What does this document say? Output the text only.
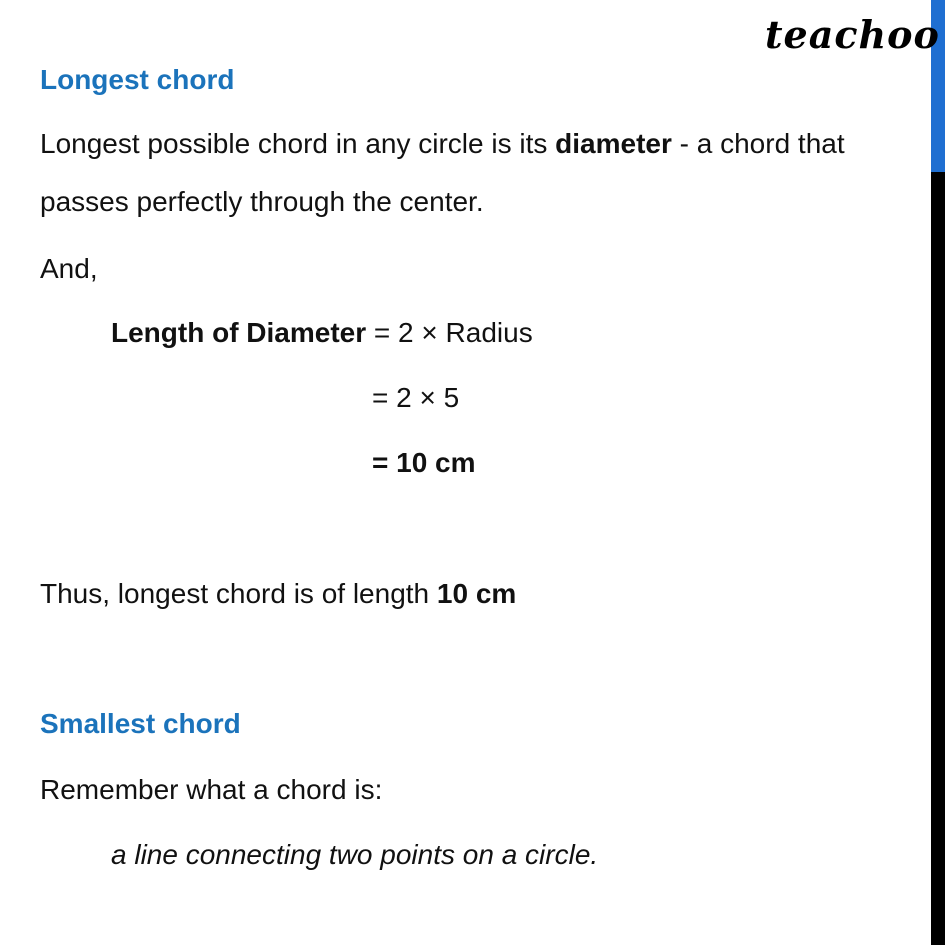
teachoo
Longest chord
Longest possible chord in any circle is its diameter - a chord that
passes perfectly through the center.
And,
Length of Diameter = 2 × Radius
= 2 × 5
= 10 cm
Thus, longest chord is of length 10 cm
Smallest chord
Remember what a chord is:
a line connecting two points on a circle.
